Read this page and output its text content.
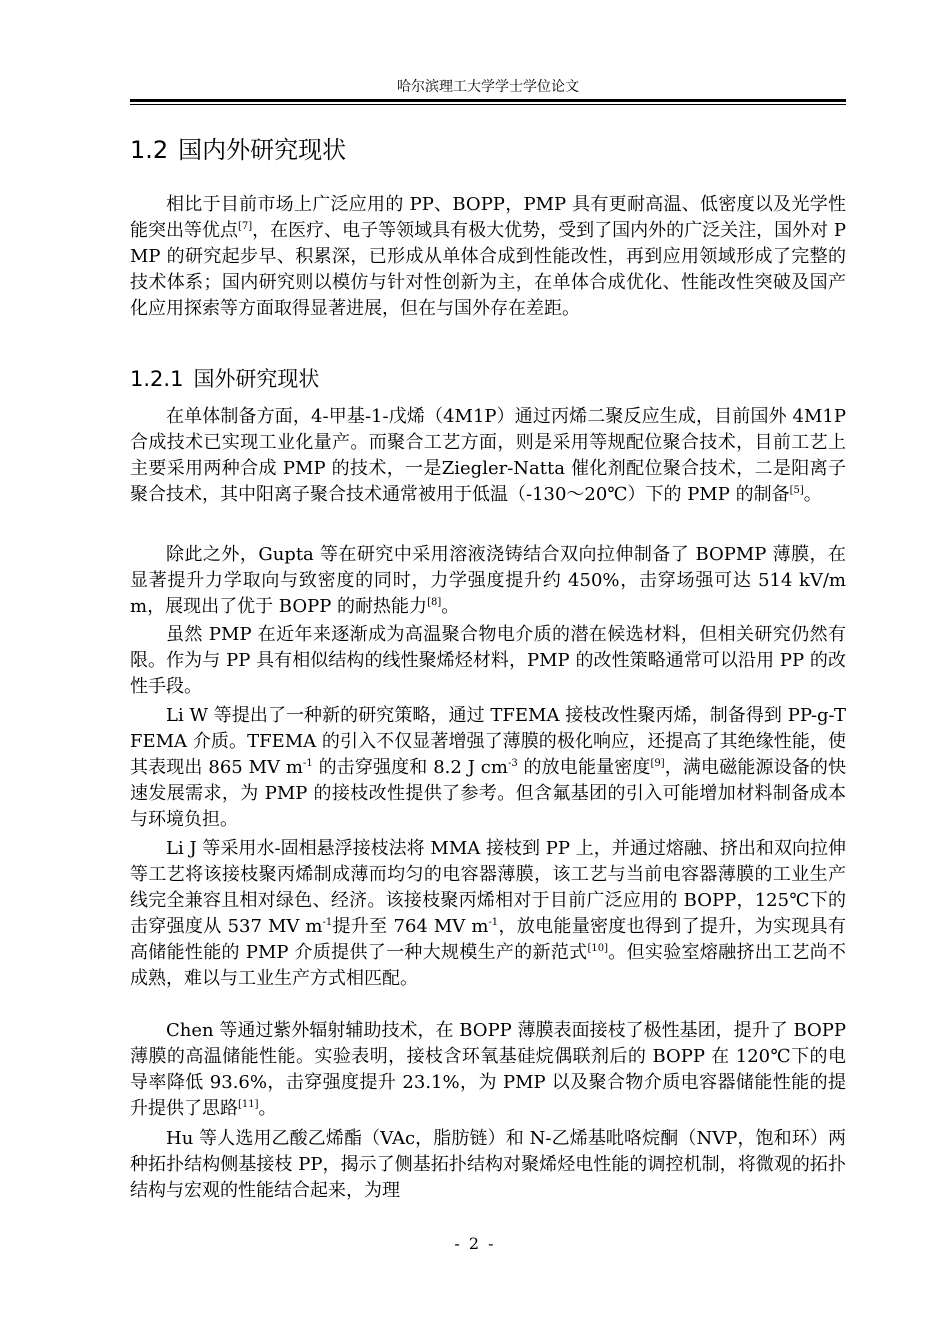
哈尔滨理工大学学士学位论文
1.2 国内外研究现状

相比于目前市场上广泛应用的 PP、BOPP，PMP 具有更耐高温、低密度以及光学性能突出等优点[7]，在医疗、电子等领域具有极大优势，受到了国内外的广泛关注，国外对 PMP 的研究起步早、积累深，已形成从单体合成到性能改性，再到应用领域形成了完整的技术体系；国内研究则以模仿与针对性创新为主，在单体合成优化、性能改性突破及国产化应用探索等方面取得显著进展，但在与国外存在差距。

1.2.1 国外研究现状

在单体制备方面，4-甲基-1-戊烯（4M1P）通过丙烯二聚反应生成，目前国外 4M1P 合成技术已实现工业化量产。而聚合工艺方面，则是采用等规配位聚合技术，目前工艺上主要采用两种合成 PMP 的技术，一是Ziegler-Natta 催化剂配位聚合技术，二是阳离子聚合技术，其中阳离子聚合技术通常被用于低温（-130～20℃）下的 PMP 的制备[5]。

除此之外，Gupta 等在研究中采用溶液浇铸结合双向拉伸制备了 BOPMP 薄膜，在显著提升力学取向与致密度的同时，力学强度提升约 450%，击穿场强可达 514 kV/mm，展现出了优于 BOPP 的耐热能力[8]。

虽然 PMP 在近年来逐渐成为高温聚合物电介质的潜在候选材料，但相关研究仍然有限。作为与 PP 具有相似结构的线性聚烯烃材料，PMP 的改性策略通常可以沿用 PP 的改性手段。

Li W 等提出了一种新的研究策略，通过 TFEMA 接枝改性聚丙烯，制备得到 PP-g-TFEMA 介质。TFEMA 的引入不仅显著增强了薄膜的极化响应，还提高了其绝缘性能，使其表现出 865 MV $m^{-1}$ 的击穿强度和 8.2 J $cm^{-3}$ 的放电能量密度[9]，满电磁能源设备的快速发展需求，为 PMP 的接枝改性提供了参考。但含氟基团的引入可能增加材料制备成本与环境负担。

Li J 等采用水-固相悬浮接枝法将 MMA 接枝到 PP 上，并通过熔融、挤出和双向拉伸等工艺将该接枝聚丙烯制成薄而均匀的电容器薄膜，该工艺与当前电容器薄膜的工业生产线完全兼容且相对绿色、经济。该接枝聚丙烯相对于目前广泛应用的 BOPP，125℃下的击穿强度从 537 MV $m^{-1}$提升至 764 MV $m^{-1}$，放电能量密度也得到了提升，为实现具有高储能性能的 PMP 介质提供了一种大规模生产的新范式[10]。但实验室熔融挤出工艺尚不成熟，难以与工业生产方式相匹配。

Chen 等通过紫外辐射辅助技术，在 BOPP 薄膜表面接枝了极性基团，提升了 BOPP 薄膜的高温储能性能。实验表明，接枝含环氧基硅烷偶联剂后的 BOPP 在 120℃下的电导率降低 93.6%，击穿强度提升 23.1%，为 PMP 以及聚合物介质电容器储能性能的提升提供了思路[11]。

Hu 等人选用乙酸乙烯酯（VAc，脂肪链）和 N-乙烯基吡咯烷酮（NVP，饱和环）两种拓扑结构侧基接枝 PP，揭示了侧基拓扑结构对聚烯烃电性能的调控机制，将微观的拓扑结构与宏观的性能结合起来，为理

- 2 -
